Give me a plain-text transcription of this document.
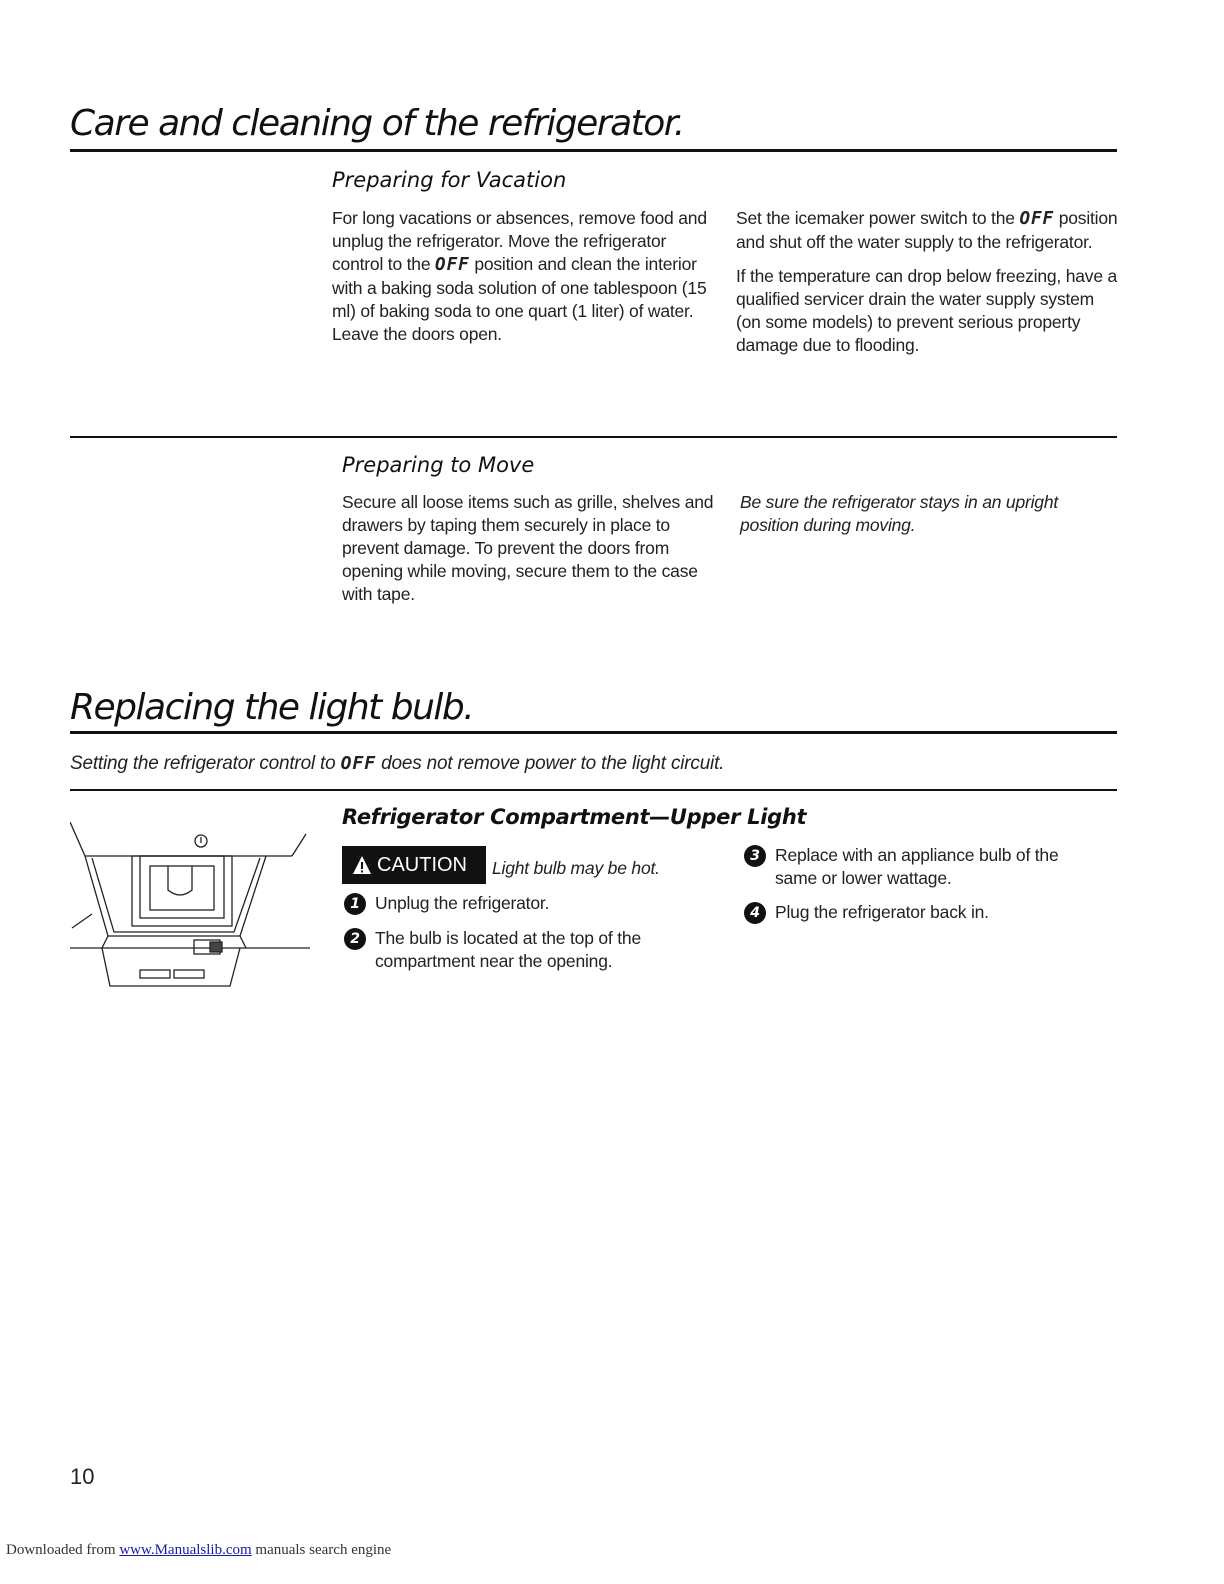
Care and cleaning of the refrigerator.
Preparing for Vacation
For long vacations or absences, remove food and unplug the refrigerator. Move the refrigerator control to the OFF position and clean the interior with a baking soda solution of one tablespoon (15 ml) of baking soda to one quart (1 liter) of water. Leave the doors open.

Set the icemaker power switch to the OFF position and shut off the water supply to the refrigerator.

If the temperature can drop below freezing, have a qualified servicer drain the water supply system (on some models) to prevent serious property damage due to flooding.

Preparing to Move
Secure all loose items such as grille, shelves and drawers by taping them securely in place to prevent damage. To prevent the doors from opening while moving, secure them to the case with tape.
Be sure the refrigerator stays in an upright position during moving.
Replacing the light bulb.
Setting the refrigerator control to OFF does not remove power to the light circuit.
Refrigerator Compartment—Upper Light
CAUTION Light bulb may be hot.
1 Unplug the refrigerator.
2 The bulb is located at the top of the compartment near the opening.
3 Replace with an appliance bulb of the same or lower wattage.
4 Plug the refrigerator back in.
10
Downloaded from www.Manualslib.com manuals search engine
